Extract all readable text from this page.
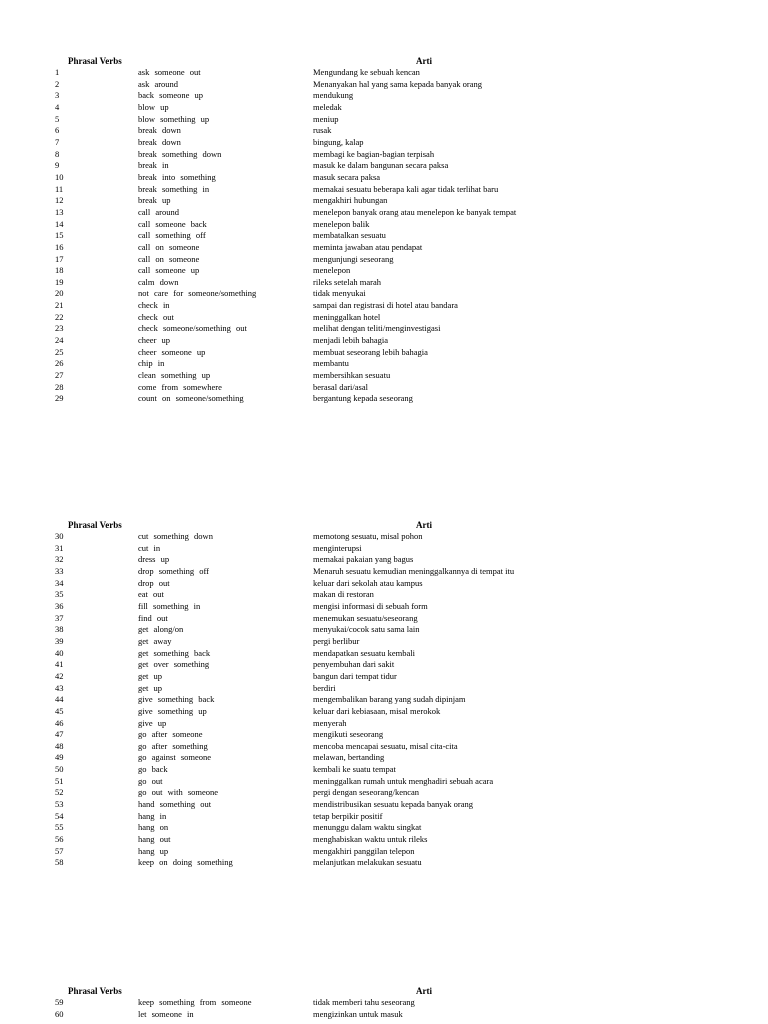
Phrasal Verbs	Arti
1	ask someone out	Mengundang ke sebuah kencan
2	ask around	Menanyakan hal yang sama kepada banyak orang
3	back someone up	mendukung
4	blow up	meledak
5	blow something up	meniup
6	break down	rusak
7	break down	bingung, kalap
8	break something down	membagi ke bagian-bagian terpisah
9	break in	masuk ke dalam bangunan secara paksa
10	break into something	masuk secara paksa
11	break something in	memakai sesuatu beberapa kali agar tidak terlihat baru
12	break up	mengakhiri hubungan
13	call around	menelepon banyak orang atau menelepon ke banyak tempat
14	call someone back	menelepon balik
15	call something off	membatalkan sesuatu
16	call on someone	meminta jawaban atau pendapat
17	call on someone	mengunjungi seseorang
18	call someone up	menelepon
19	calm down	rileks setelah marah
20	not care for someone/something	tidak menyukai
21	check in	sampai dan registrasi di hotel atau bandara
22	check out	meninggalkan hotel
23	check someone/something out	melihat dengan teliti/menginvestigasi
24	cheer up	menjadi lebih bahagia
25	cheer someone up	membuat seseorang lebih bahagia
26	chip in	membantu
27	clean something up	membersihkan sesuatu
28	come from somewhere	berasal dari/asal
29	count on someone/something	bergantung kepada seseorang
Phrasal Verbs	Arti
30	cut something down	memotong sesuatu, misal pohon
31	cut in	menginterupsi
32	dress up	memakai pakaian yang bagus
33	drop something off	Menaruh sesuatu kemudian meninggalkannya di tempat itu
34	drop out	keluar dari sekolah atau kampus
35	eat out	makan di restoran
36	fill something in	mengisi informasi di sebuah form
37	find out	menemukan sesuatu/seseorang
38	get along/on	menyukai/cocok satu sama lain
39	get away	pergi berlibur
40	get something back	mendapatkan sesuatu kembali
41	get over something	penyembuhan dari sakit
42	get up	bangun dari tempat tidur
43	get up	berdiri
44	give something back	mengembalikan barang yang sudah dipinjam
45	give something up	keluar dari kebiasaan, misal merokok
46	give up	menyerah
47	go after someone	mengikuti seseorang
48	go after something	mencoba mencapai sesuatu, misal cita-cita
49	go against someone	melawan, bertanding
50	go back	kembali ke suatu tempat
51	go out	meninggalkan rumah untuk menghadiri sebuah acara
52	go out with someone	pergi dengan seseorang/kencan
53	hand something out	mendistribusikan sesuatu kepada banyak orang
54	hang in	tetap berpikir positif
55	hang on	menunggu dalam waktu singkat
56	hang out	menghabiskan waktu untuk rileks
57	hang up	mengakhiri panggilan telepon
58	keep on doing something	melanjutkan melakukan sesuatu
Phrasal Verbs	Arti
59	keep something from someone	tidak memberi tahu seseorang
60	let someone in	mengizinkan untuk masuk
